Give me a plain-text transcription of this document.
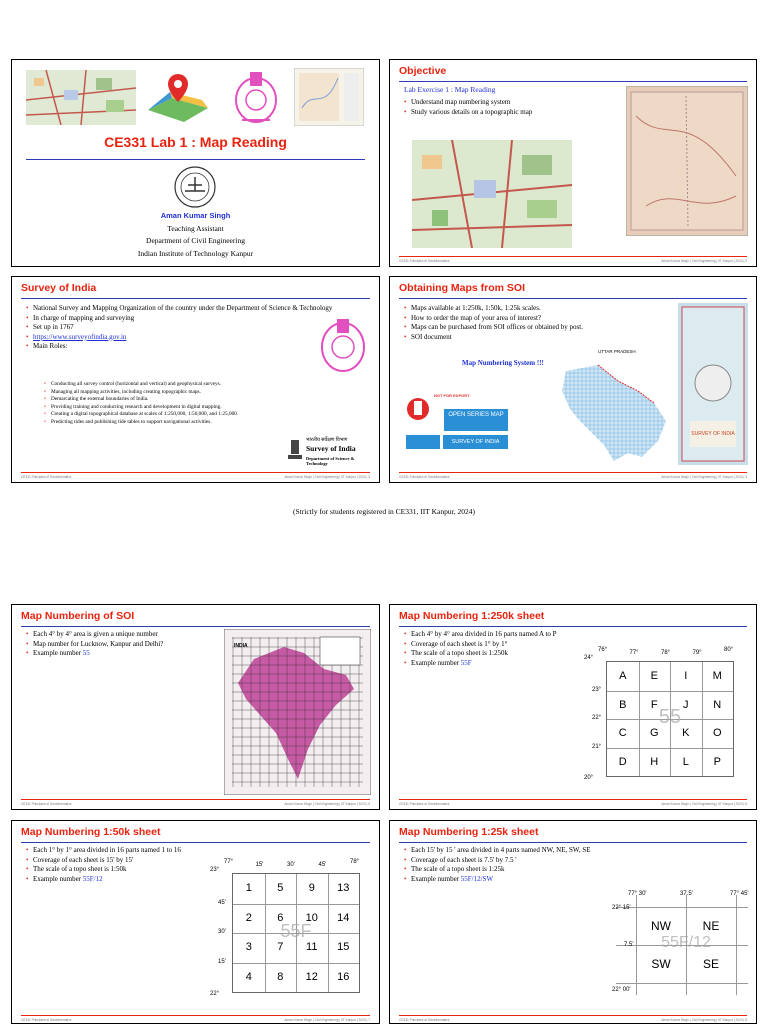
CE331 Lab 1 : Map Reading
Aman Kumar Singh
Teaching Assistant
Department of Civil Engineering
Indian Institute of Technology Kanpur
Objective
Lab Exercise 1 : Map Reading
• Understand map numbering system
• Study various details on a topographic map
CE331 Principles of Geoinformatics	Aman Kumar Singh | Civil Engineering | IIT Kanpur | 2024 | 2
Survey of India
• National Survey and Mapping Organization of the country under the Department of Science & Technology
• In charge of mapping and surveying
• Set up in 1767
• https://www.surveyofindia.gov.in
• Main Roles:
• Conducting all survey control (horizontal and vertical) and geophysical surveys.
• Managing all mapping activities, including creating topographic maps.
• Demarcating the external boundaries of India.
• Providing training and conducting research and development in digital mapping.
• Creating a digital topographical database at scales of 1:250,000, 1:50,000, and 1:25,000.
• Predicting tides and publishing tide tables to support navigational activities.
भारतीय सर्वेक्षण विभाग
Survey of India
Department of Science & Technology
CE331 Principles of Geoinformatics	Aman Kumar Singh | Civil Engineering | IIT Kanpur | 2024 | 3
Obtaining Maps from SOI
• Maps available at 1:250k, 1:50k, 1:25k scales.
• How to order the map of your area of interest?
• Maps can be purchased from SOI offices or obtained by post.
• SOI document
Map Numbering System !!!
NOT FOR EXPORT
OPEN SERIES MAP
SURVEY OF INDIA
UTTAR PRADESH
SURVEY OF INDIA
CE331 Principles of Geoinformatics	Aman Kumar Singh | Civil Engineering | IIT Kanpur | 2024 | 4
(Strictly for students registered in CE331, IIT Kanpur, 2024)
Map Numbering of SOI
• Each 4° by 4° area is given a unique number
• Map number for Lucknow, Kanpur and Delhi?
• Example number 55
INDIA
CE331 Principles of Geoinformatics	Aman Kumar Singh | Civil Engineering | IIT Kanpur | 2024 | 5
Map Numbering 1:250k sheet
• Each 4° by 4° area divided in 16 parts named A to P
• Coverage of each sheet is 1° by 1°
• The scale of a topo sheet is 1:250k
• Example number 55F
A	E	I	M
B	F	J	N
C	G	K	O
D	H	L	P
55
CE331 Principles of Geoinformatics	Aman Kumar Singh | Civil Engineering | IIT Kanpur | 2024 | 6
76°	77°	78°	79°	80°
24°
23°
22°
21°
20°
Map Numbering 1:50k sheet
• Each 1° by 1° area divided in 16 parts named 1 to 16
• Coverage of each sheet is 15' by 15'
• The scale of a topo sheet is 1:50k
• Example number 55F/12
1	5	9	13
2	6	10	14
3	7	11	15
4	8	12	16
55F
CE331 Principles of Geoinformatics	Aman Kumar Singh | Civil Engineering | IIT Kanpur | 2024 | 7
77°	15'	30'	45'	78°
23°
45'
30'
15'
22°
Map Numbering 1:25k sheet
• Each 15' by 15 ' area divided in 4 parts named NW, NE, SW, SE
• Coverage of each sheet is 7.5' by 7.5 '
• The scale of a topo sheet is 1:25k
• Example number 55F/12/SW
NW	NE
SW	SE
55F/12
CE331 Principles of Geoinformatics	Aman Kumar Singh | Civil Engineering | IIT Kanpur | 2024 | 8
77° 30'	37.5'	77° 45'
22° 15'
7.5'
22° 00'
